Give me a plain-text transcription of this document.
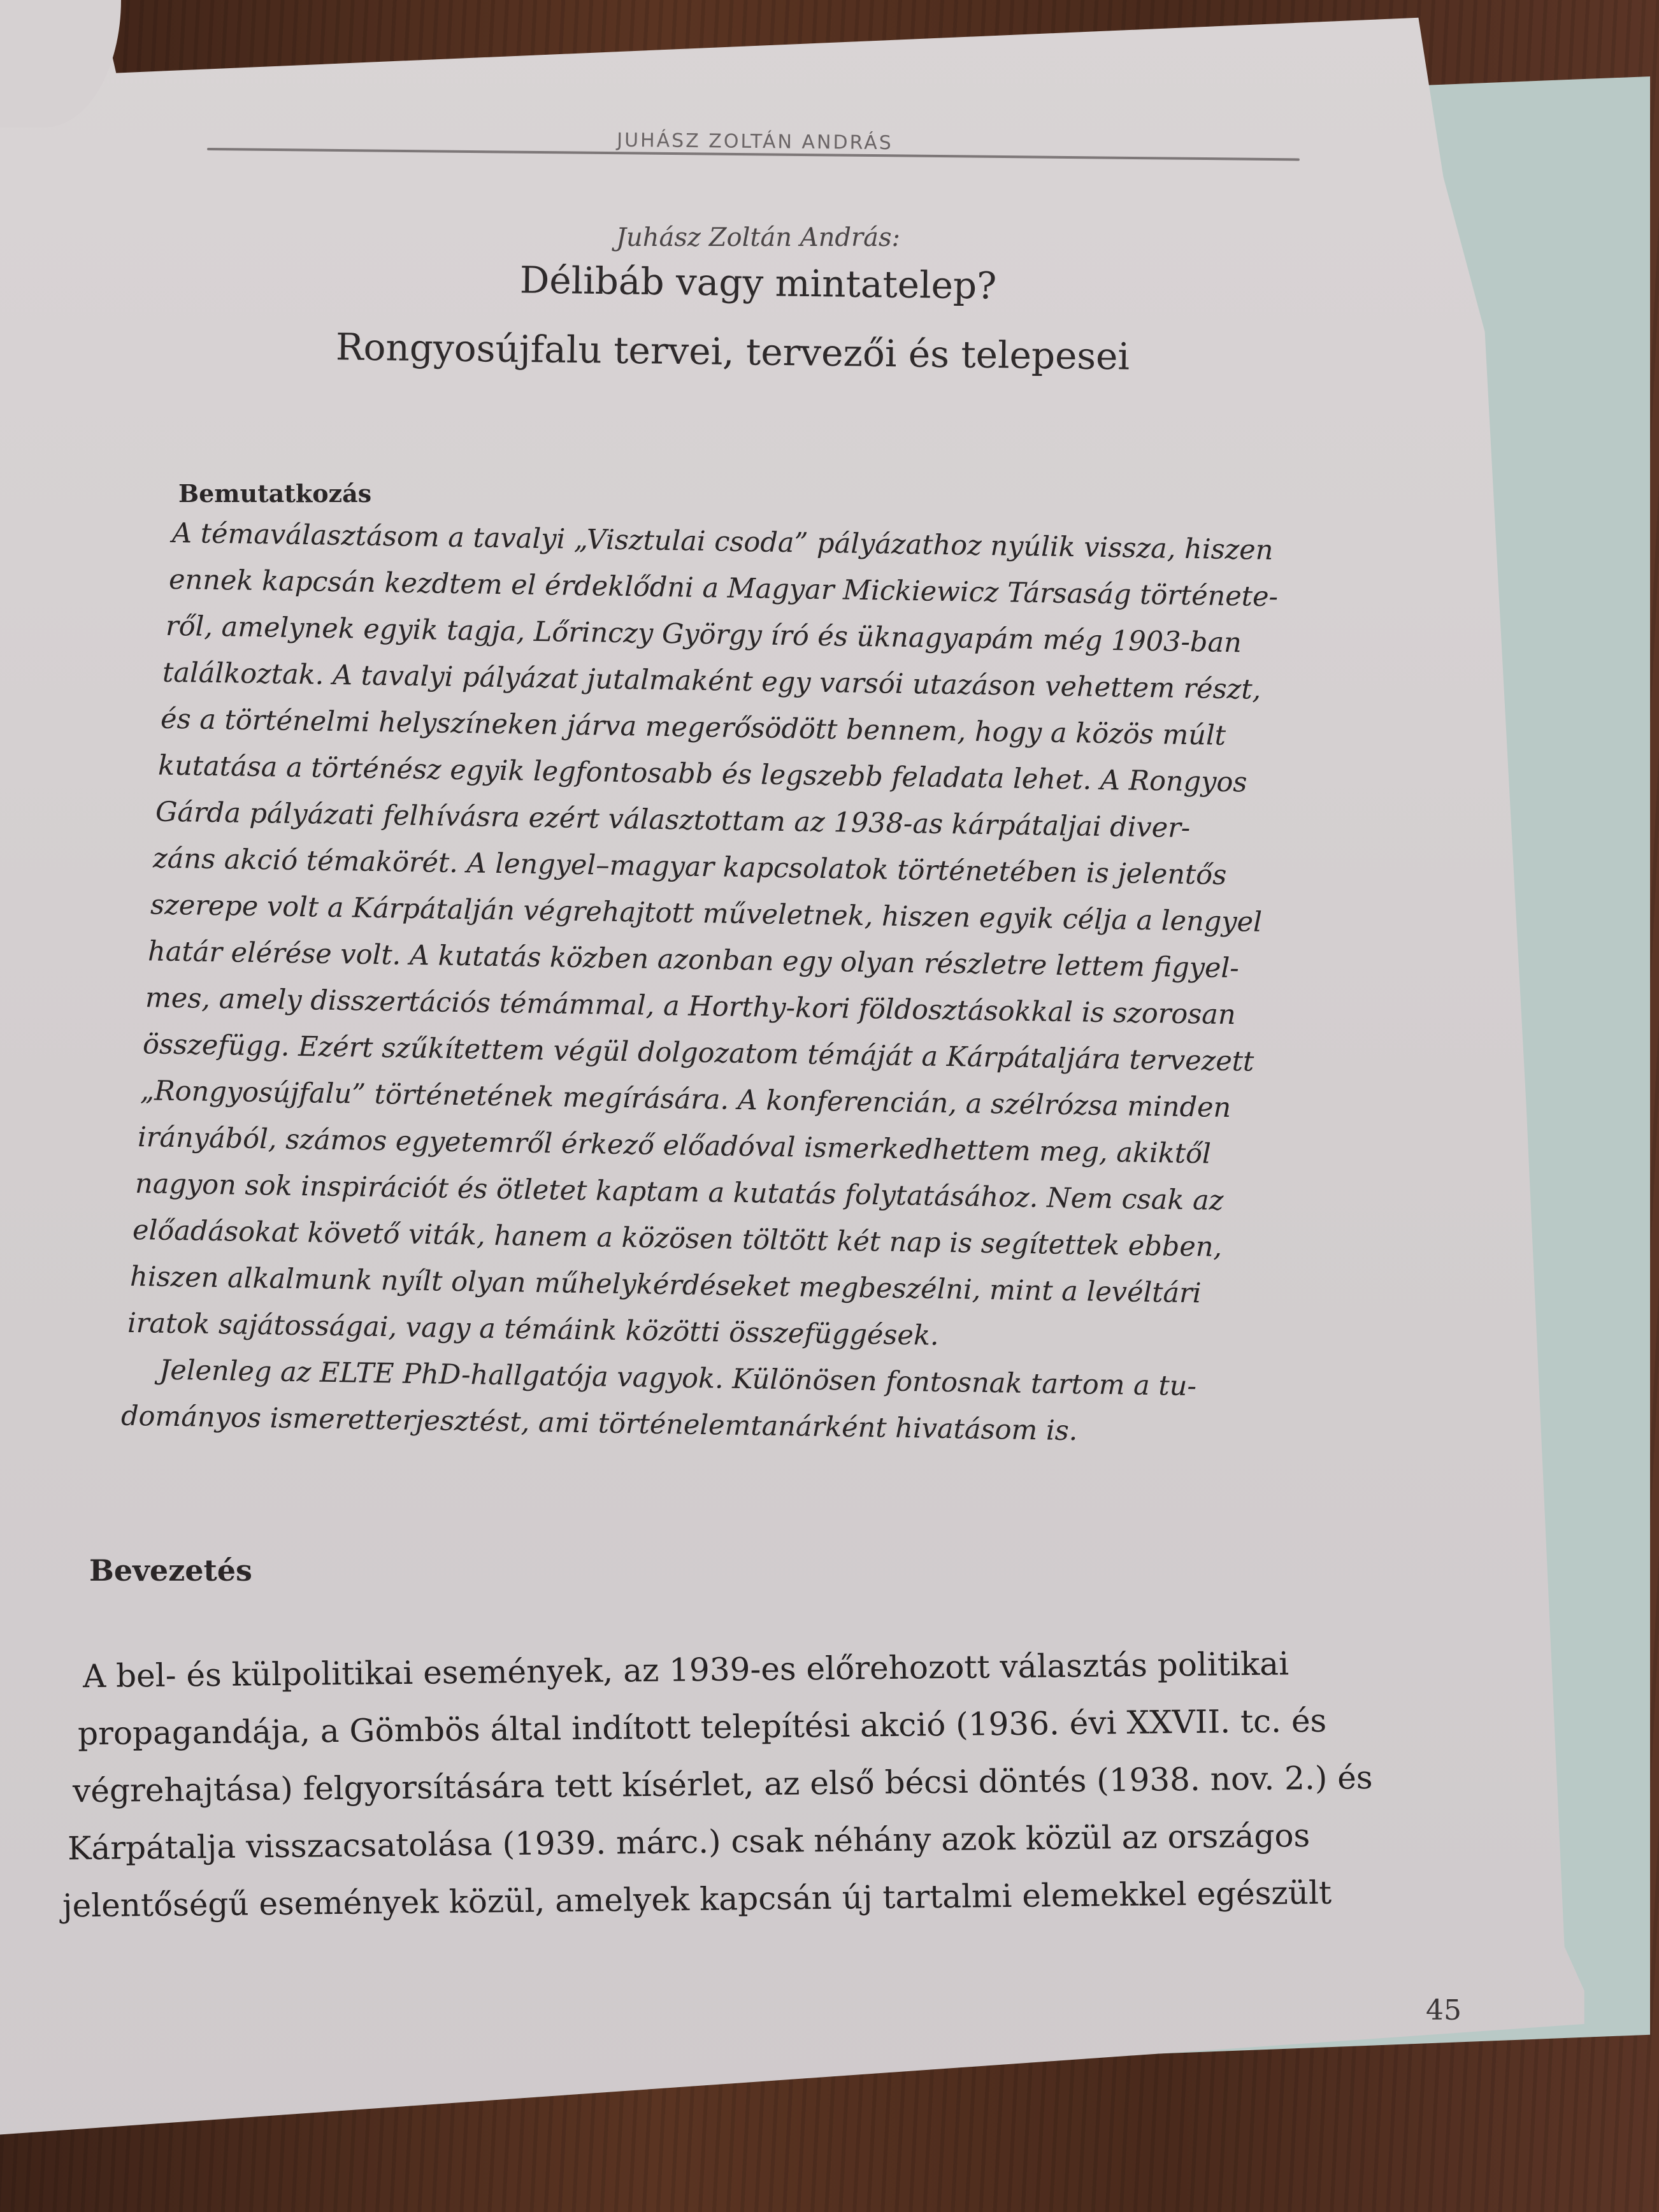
JUHÁSZ ZOLTÁN ANDRÁS
Juhász Zoltán András:
Délibáb vagy mintatelep?
Rongyosújfalu tervei, tervezői és telepesei
Bemutatkozás
A témaválasztásom a tavalyi „Visztulai csoda” pályázathoz nyúlik vissza, hiszen
ennek kapcsán kezdtem el érdeklődni a Magyar Mickiewicz Társaság története-
ről, amelynek egyik tagja, Lőrinczy György író és üknagyapám még 1903-ban
találkoztak. A tavalyi pályázat jutalmaként egy varsói utazáson vehettem részt,
és a történelmi helyszíneken járva megerősödött bennem, hogy a közös múlt
kutatása a történész egyik legfontosabb és legszebb feladata lehet. A Rongyos
Gárda pályázati felhívásra ezért választottam az 1938-as kárpátaljai diver-
záns akció témakörét. A lengyel–magyar kapcsolatok történetében is jelentős
szerepe volt a Kárpátalján végrehajtott műveletnek, hiszen egyik célja a lengyel
határ elérése volt. A kutatás közben azonban egy olyan részletre lettem figyel-
mes, amely disszertációs témámmal, a Horthy-kori földosztásokkal is szorosan
összefügg. Ezért szűkítettem végül dolgozatom témáját a Kárpátaljára tervezett
„Rongyosújfalu” történetének megírására. A konferencián, a szélrózsa minden
irányából, számos egyetemről érkező előadóval ismerkedhettem meg, akiktől
nagyon sok inspirációt és ötletet kaptam a kutatás folytatásához. Nem csak az
előadásokat követő viták, hanem a közösen töltött két nap is segítettek ebben,
hiszen alkalmunk nyílt olyan műhelykérdéseket megbeszélni, mint a levéltári
iratok sajátosságai, vagy a témáink közötti összefüggések.
Jelenleg az ELTE PhD-hallgatója vagyok. Különösen fontosnak tartom a tu-
dományos ismeretterjesztést, ami történelemtanárként hivatásom is.
Bevezetés
A bel- és külpolitikai események, az 1939-es előrehozott választás politikai
propagandája, a Gömbös által indított telepítési akció (1936. évi XXVII. tc. és
végrehajtása) felgyorsítására tett kísérlet, az első bécsi döntés (1938. nov. 2.) és
Kárpátalja visszacsatolása (1939. márc.) csak néhány azok közül az országos
jelentőségű események közül, amelyek kapcsán új tartalmi elemekkel egészült
45
